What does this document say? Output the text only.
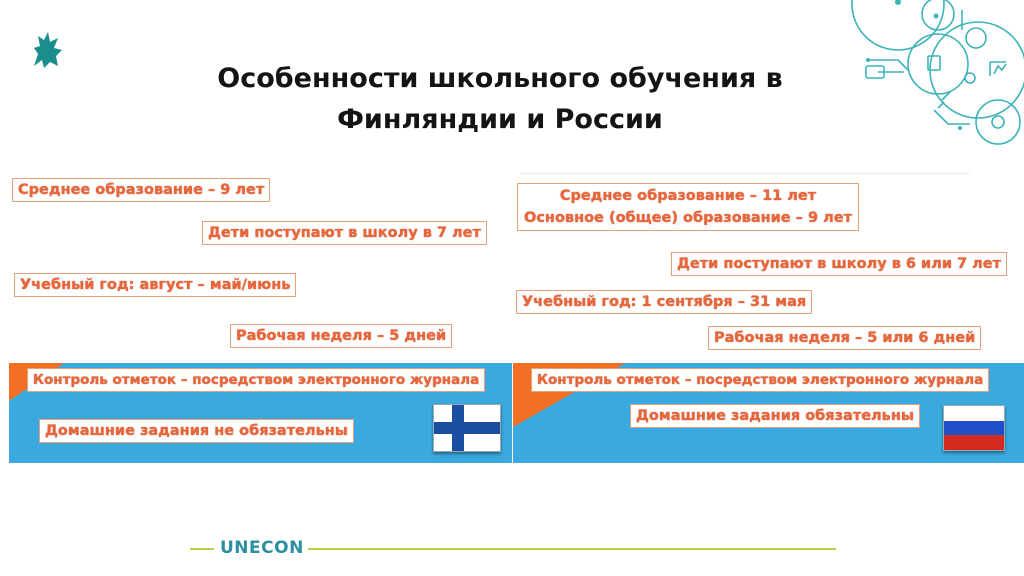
Особенности школьного обучения в
Финляндии и России
Среднее образование – 9 лет
Дети поступают в школу в 7 лет
Учебный год: август – май/июнь
Рабочая неделя – 5 дней
Контроль отметок – посредством электронного журнала
Домашние задания не обязательны
Среднее образование – 11 лет
Основное (общее) образование – 9 лет
Дети поступают в школу в 6 или 7 лет
Учебный год: 1 сентября – 31 мая
Рабочая неделя – 5 или 6 дней
Контроль отметок – посредством электронного журнала
Домашние задания обязательны
UNECON
